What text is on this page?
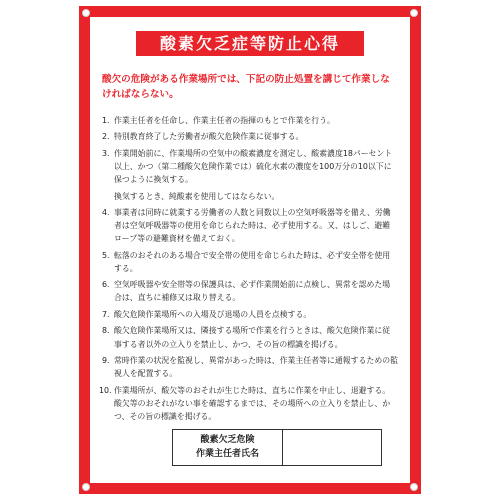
酸素欠乏症等防止心得
酸欠の危険がある作業場所では、下記の防止処置を講じて作業しなければならない。
1. 作業主任者を任命し、作業主任者の指揮のもとで作業を行う。
2. 特別教育終了した労働者が酸欠危険作業に従事する。
3. 作業開始前に、作業場所の空気中の酸素濃度を測定し、酸素濃度18パーセント以上、かつ（第二種酸欠危険作業では）硫化水素の濃度を100万分の10以下に保つように換気する。
換気するとき、純酸素を使用してはならない。
4. 事業者は同時に就業する労働者の人数と同数以上の空気呼吸器等を備え、労働者は空気呼吸器等の使用を命じられた時は、必ず使用する。又、はしご、避難ロープ等の避難資材を備えておく。
5. 転落のおそれのある場合で安全帯の使用を命じられた時は、必ず安全帯を使用する。
6. 空気呼吸器や安全帯等の保護具は、必ず作業開始前に点検し、異常を認めた場合は、直ちに補修又は取り替える。
7. 酸欠危険作業場所への入場及び退場の人員を点検する。
8. 酸欠危険作業場所又は、隣接する場所で作業を行うときは、酸欠危険作業に従事する者以外の立入りを禁止し、かつ、その旨の標識を掲げる。
9. 常時作業の状況を監視し、異常があった時は、作業主任者等に通報するための監視人を配置する。
10. 作業場所が、酸欠等のおそれが生じた時は、直ちに作業を中止し、退避する。酸欠等のおそれがない事を確認するまでは、その場所への立入りを禁止し、かつ、その旨の標識を掲げる。
酸素欠乏危険
作業主任者氏名
